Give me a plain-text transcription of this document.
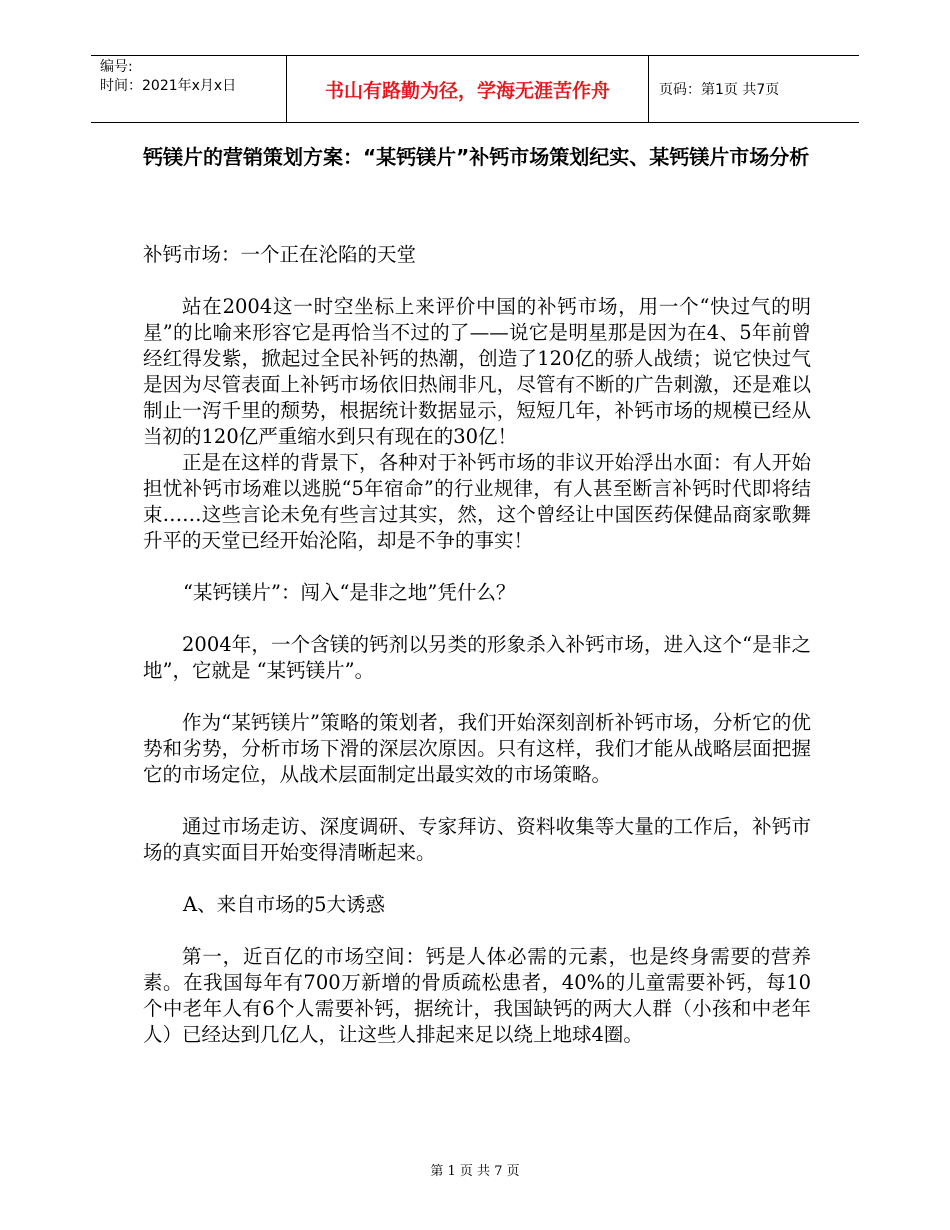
编号:
时间：2021年x月x日	书山有路勤为径，学海无涯苦作舟	页码：第1页 共7页
钙镁片的营销策划方案：“某钙镁片”补钙市场策划纪实、某钙镁片市场分析

补钙市场：一个正在沦陷的天堂

站在2004这一时空坐标上来评价中国的补钙市场，用一个“快过气的明星”的比喻来形容它是再恰当不过的了——说它是明星那是因为在4、5年前曾经红得发紫，掀起过全民补钙的热潮，创造了120亿的骄人战绩；说它快过气是因为尽管表面上补钙市场依旧热闹非凡，尽管有不断的广告刺激，还是难以制止一泻千里的颓势，根据统计数据显示，短短几年，补钙市场的规模已经从当初的120亿严重缩水到只有现在的30亿！

正是在这样的背景下，各种对于补钙市场的非议开始浮出水面：有人开始担忧补钙市场难以逃脱“5年宿命”的行业规律，有人甚至断言补钙时代即将结束……这些言论未免有些言过其实，然，这个曾经让中国医药保健品商家歌舞升平的天堂已经开始沦陷，却是不争的事实！

“某钙镁片”：闯入“是非之地”凭什么？

2004年，一个含镁的钙剂以另类的形象杀入补钙市场，进入这个“是非之地”，它就是 “某钙镁片”。

作为“某钙镁片”策略的策划者，我们开始深刻剖析补钙市场，分析它的优势和劣势，分析市场下滑的深层次原因。只有这样，我们才能从战略层面把握它的市场定位，从战术层面制定出最实效的市场策略。

通过市场走访、深度调研、专家拜访、资料收集等大量的工作后，补钙市场的真实面目开始变得清晰起来。

A、来自市场的5大诱惑

第一，近百亿的市场空间：钙是人体必需的元素，也是终身需要的营养素。在我国每年有700万新增的骨质疏松患者，40%的儿童需要补钙，每10个中老年人有6个人需要补钙，据统计，我国缺钙的两大人群（小孩和中老年人）已经达到几亿人，让这些人排起来足以绕上地球4圈。

第 1 页 共 7 页
